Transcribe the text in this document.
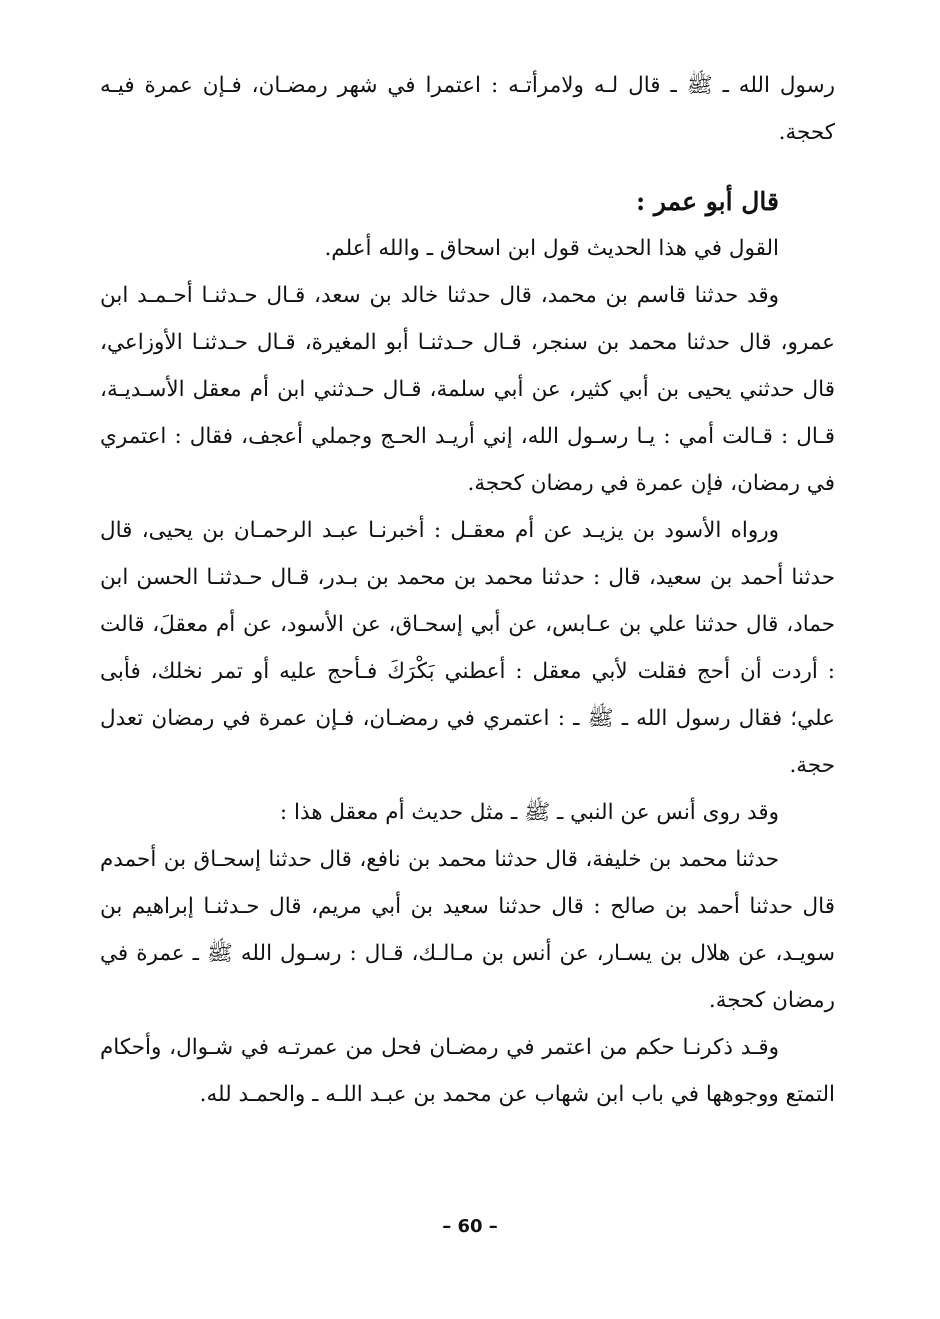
رسول الله ـ ﷺ ـ قال لـه ولامرأتـه : اعتمرا في شهر رمضـان، فـإن عمرة فيـه كحجة.

قال أبو عمر :

القول في هذا الحديث قول ابن اسحاق ـ والله أعلم.

وقد حدثنا قاسم بن محمد، قال حدثنا خالد بن سعد، قـال حـدثنـا أحـمـد ابن عمرو، قال حدثنا محمد بن سنجر، قـال حـدثنـا أبو المغيرة، قـال حـدثنـا الأوزاعي، قال حدثني يحيى بن أبي كثير، عن أبي سلمة، قـال حـدثني ابن أم معقل الأسـديـة، قـال : قـالت أمي : يـا رسـول الله، إني أريـد الحـج وجملي أعجف، فقال : اعتمري في رمضان، فإن عمرة في رمضان كحجة.

ورواه الأسود بن يزيـد عن أم معقـل : أخبرنـا عبـد الرحمـان بن يحيى، قال حدثنا أحمد بن سعيد، قال : حدثنا محمد بن محمد بن بـدر، قـال حـدثنـا الحسن ابن حماد، قال حدثنا علي بن عـابس، عن أبي إسحـاق، عن الأسود، عن أم معقلَ، قالت : أردت أن أحج فقلت لأبي معقل : أعطني بَكْرَكَ فـأحج عليه أو تمر نخلك، فأبى علي؛ فقال رسول الله ـ ﷺ ـ : اعتمري في رمضـان، فـإن عمرة في رمضان تعدل حجة.

وقد روى أنس عن النبي ـ ﷺ ـ مثل حديث أم معقل هذا :

حدثنا محمد بن خليفة، قال حدثنا محمد بن نافع، قال حدثنا إسحـاق بن أحمدم قال حدثنا أحمد بن صالح : قال حدثنا سعيد بن أبي مريم، قال حـدثنـا إبراهيم بن سويـد، عن هلال بن يسـار، عن أنس بن مـالـك، قـال : رسـول الله ﷺ ـ عمرة في رمضان كحجة.

وقـد ذكرنـا حكم من اعتمر في رمضـان فحل من عمرتـه في شـوال، وأحكام التمتع ووجوهها في باب ابن شهاب عن محمد بن عبـد اللـه ـ والحمـد لله.

– 60 –
